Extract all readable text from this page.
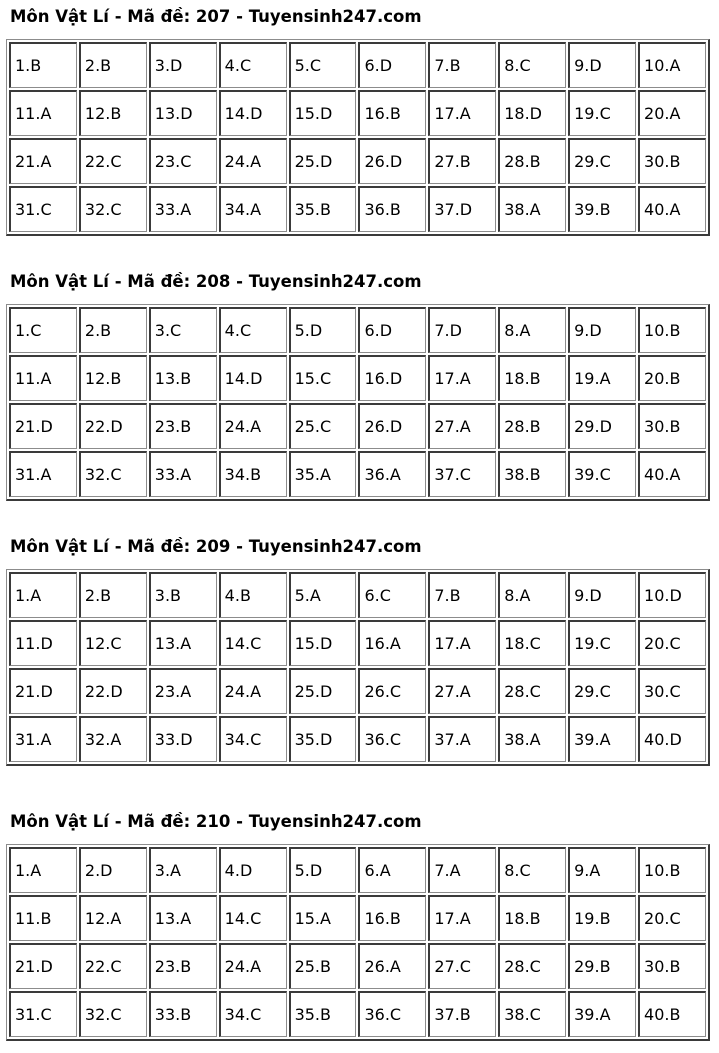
Môn Vật Lí - Mã đề: 207 - Tuyensinh247.com
1.B	2.B	3.D	4.C	5.C	6.D	7.B	8.C	9.D	10.A
11.A	12.B	13.D	14.D	15.D	16.B	17.A	18.D	19.C	20.A
21.A	22.C	23.C	24.A	25.D	26.D	27.B	28.B	29.C	30.B
31.C	32.C	33.A	34.A	35.B	36.B	37.D	38.A	39.B	40.A
Môn Vật Lí - Mã đề: 208 - Tuyensinh247.com
1.C	2.B	3.C	4.C	5.D	6.D	7.D	8.A	9.D	10.B
11.A	12.B	13.B	14.D	15.C	16.D	17.A	18.B	19.A	20.B
21.D	22.D	23.B	24.A	25.C	26.D	27.A	28.B	29.D	30.B
31.A	32.C	33.A	34.B	35.A	36.A	37.C	38.B	39.C	40.A
Môn Vật Lí - Mã đề: 209 - Tuyensinh247.com
1.A	2.B	3.B	4.B	5.A	6.C	7.B	8.A	9.D	10.D
11.D	12.C	13.A	14.C	15.D	16.A	17.A	18.C	19.C	20.C
21.D	22.D	23.A	24.A	25.D	26.C	27.A	28.C	29.C	30.C
31.A	32.A	33.D	34.C	35.D	36.C	37.A	38.A	39.A	40.D
Môn Vật Lí - Mã đề: 210 - Tuyensinh247.com
1.A	2.D	3.A	4.D	5.D	6.A	7.A	8.C	9.A	10.B
11.B	12.A	13.A	14.C	15.A	16.B	17.A	18.B	19.B	20.C
21.D	22.C	23.B	24.A	25.B	26.A	27.C	28.C	29.B	30.B
31.C	32.C	33.B	34.C	35.B	36.C	37.B	38.C	39.A	40.B
